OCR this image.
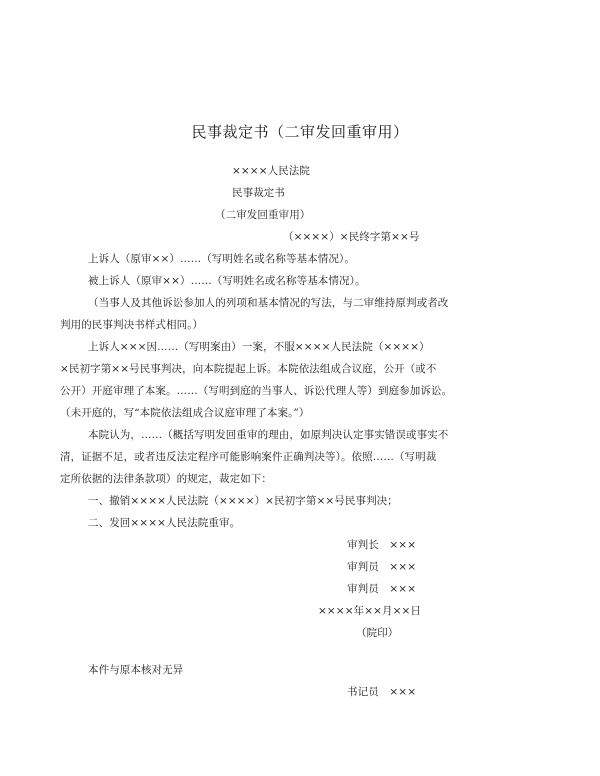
民事裁定书（二审发回重审用）
××××人民法院
民事裁定书
（二审发回重审用）
（××××）×民终字第××号
上诉人（原审××）……（写明姓名或名称等基本情况）。
被上诉人（原审××）……（写明姓名或名称等基本情况）。
（当事人及其他诉讼参加人的列项和基本情况的写法，与二审维持原判或者改
判用的民事判决书样式相同。）
上诉人×××因……（写明案由）一案，不服××××人民法院（××××）
×民初字第××号民事判决，向本院提起上诉。本院依法组成合议庭，公开（或不
公开）开庭审理了本案。……（写明到庭的当事人、诉讼代理人等）到庭参加诉讼。
（未开庭的，写“本院依法组成合议庭审理了本案。”）
本院认为，……（概括写明发回重审的理由，如原判决认定事实错误或事实不
清，证据不足，或者违反法定程序可能影响案件正确判决等）。依照……（写明裁
定所依据的法律条款项）的规定，裁定如下：
一、撤销××××人民法院（××××）×民初字第××号民事判决；
二、发回××××人民法院重审。
审判长　×××
审判员　×××
审判员　×××
××××年××月××日
（院印）
本件与原本核对无异
书记员　×××
